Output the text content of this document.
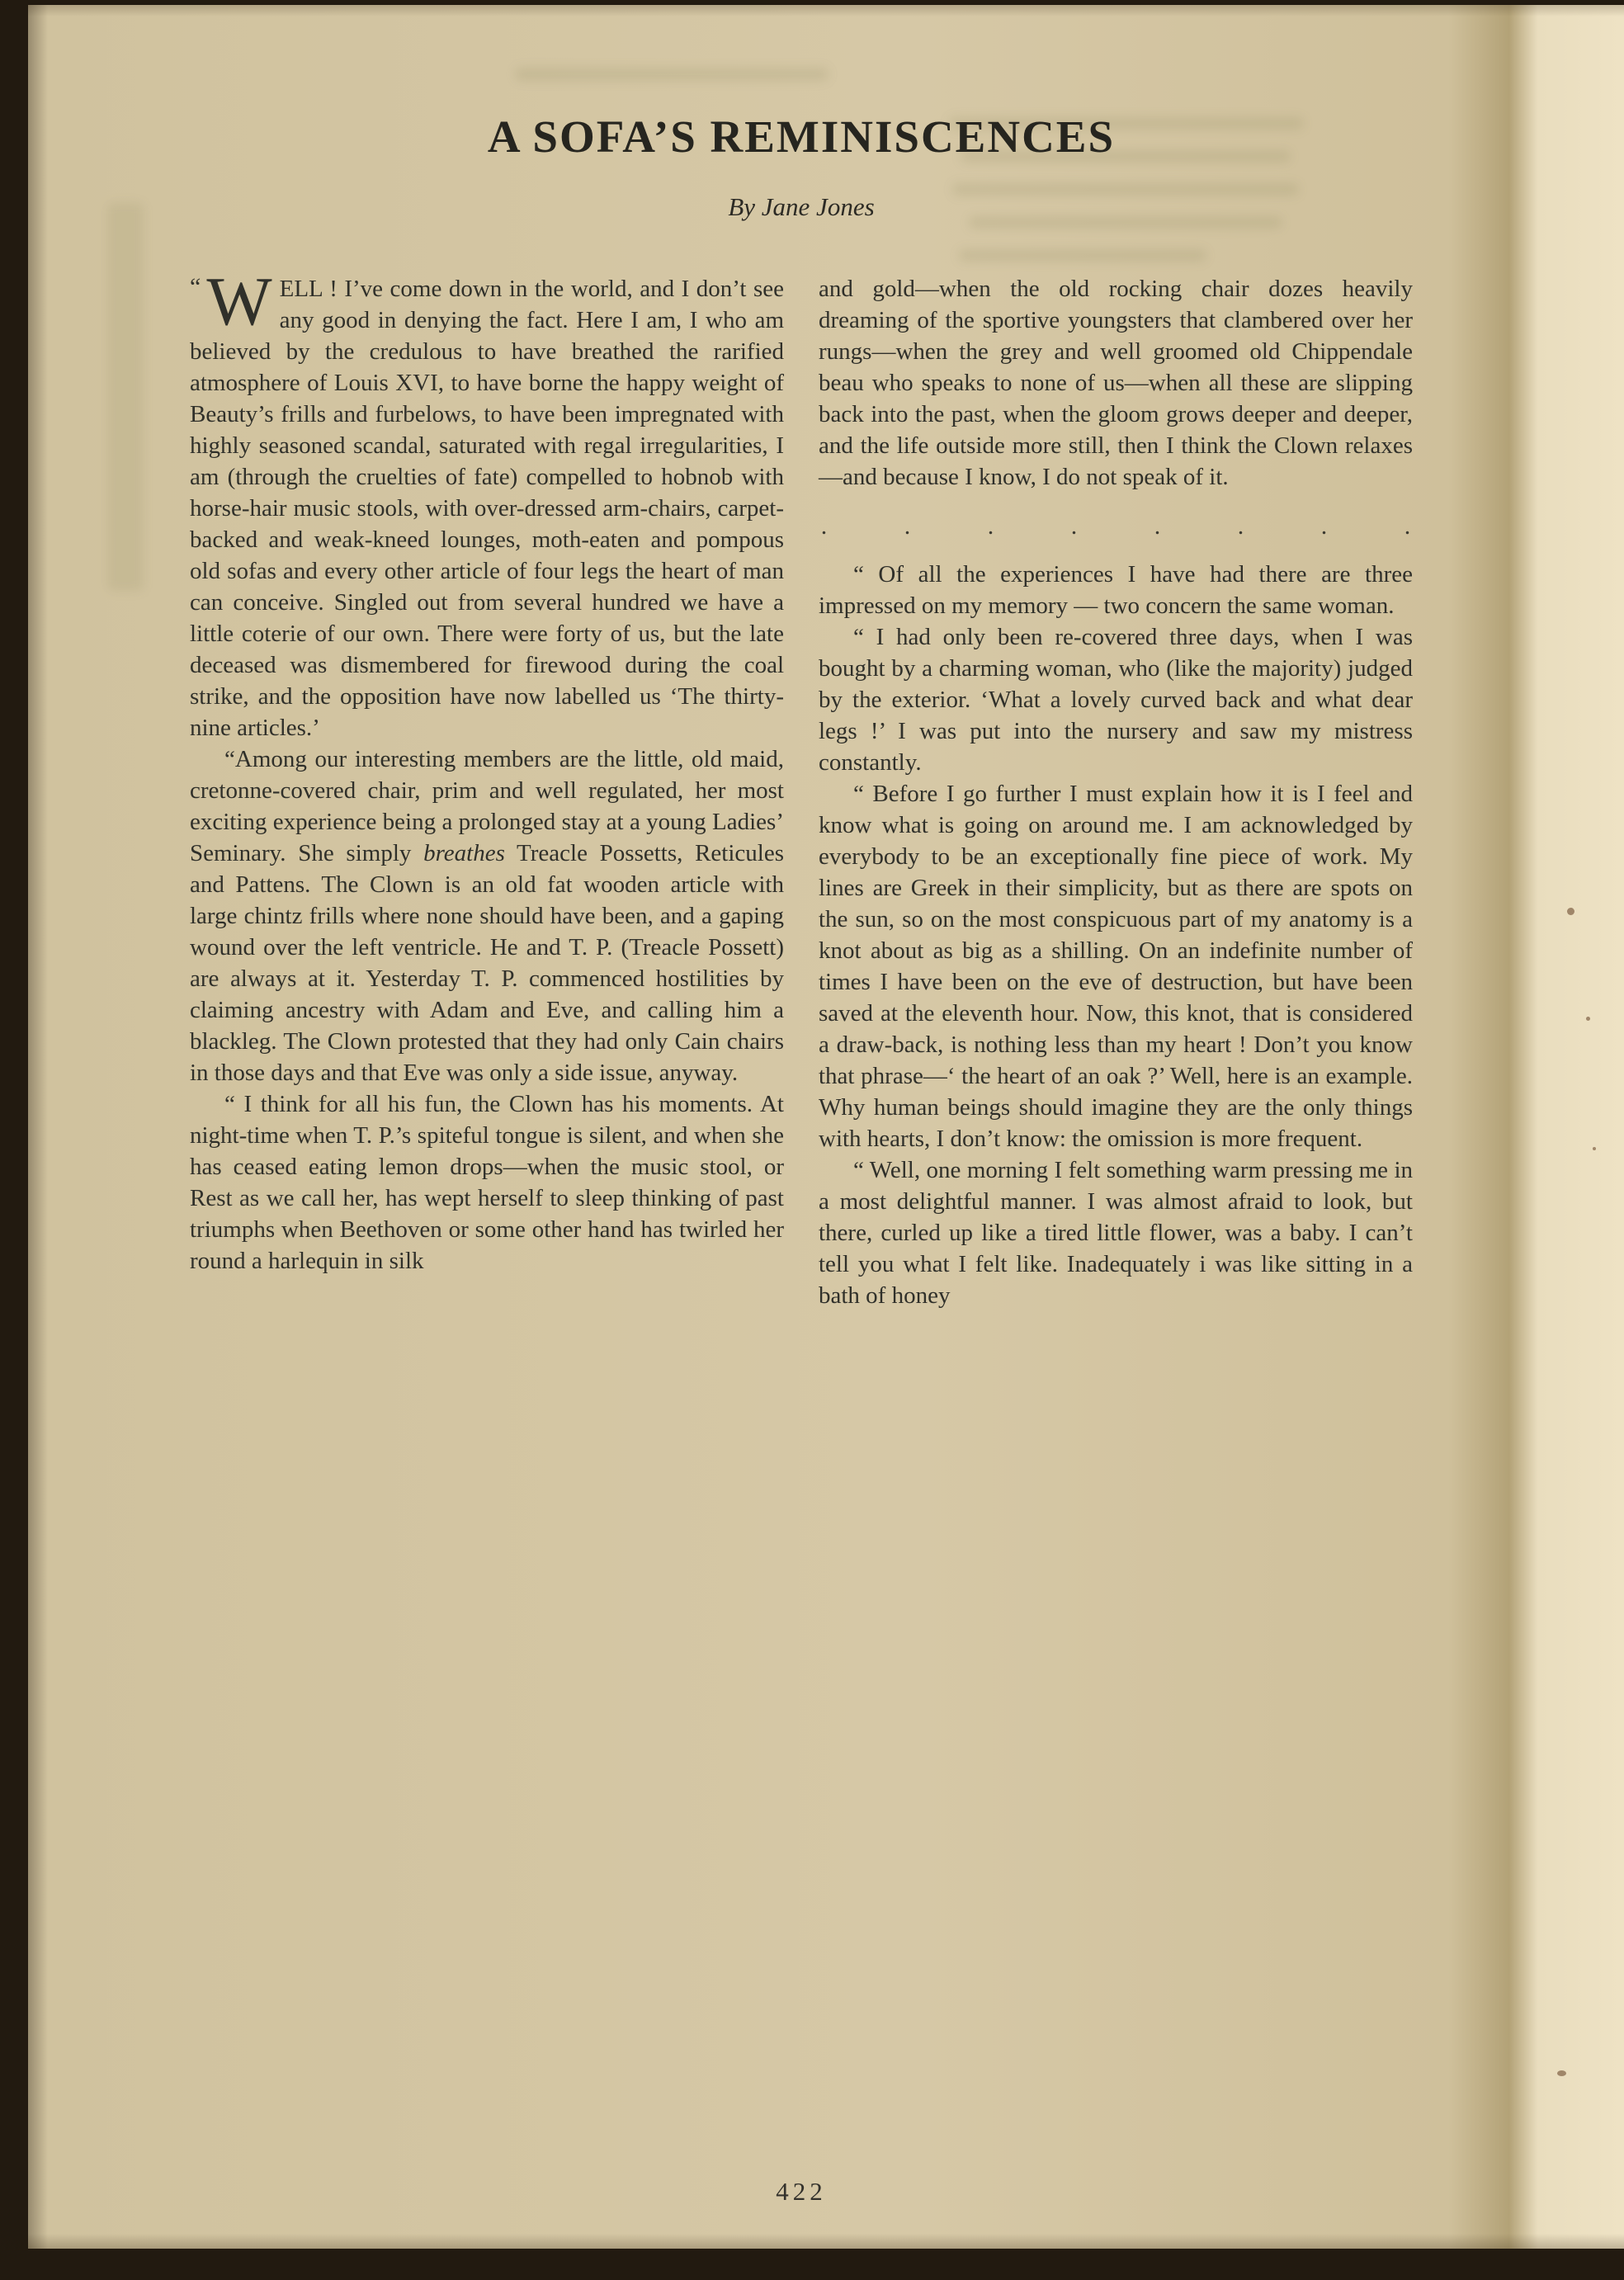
A SOFA’S REMINISCENCES
By Jane Jones

“ W ELL ! I’ve come down in the world, and I don’t see any good in denying the fact. Here I am, I who am believed by the credulous to have breathed the rarified atmosphere of Louis XVI, to have borne the happy weight of Beauty’s frills and furbelows, to have been impregnated with highly seasoned scandal, saturated with regal irregularities, I am (through the cruelties of fate) compelled to hobnob with horse-hair music stools, with over-dressed arm-chairs, carpet-backed and weak-kneed lounges, moth-eaten and pompous old sofas and every other article of four legs the heart of man can conceive. Singled out from several hundred we have a little coterie of our own. There were forty of us, but the late deceased was dismembered for firewood during the coal strike, and the opposition have now labelled us ‘The thirty-nine articles.’

“Among our interesting members are the little, old maid, cretonne-covered chair, prim and well regulated, her most exciting experience being a prolonged stay at a young Ladies’ Seminary. She simply breathes Treacle Possetts, Reticules and Pattens. The Clown is an old fat wooden article with large chintz frills where none should have been, and a gaping wound over the left ventricle. He and T. P. (Treacle Possett) are always at it. Yesterday T. P. commenced hostilities by claiming ancestry with Adam and Eve, and calling him a blackleg. The Clown protested that they had only Cain chairs in those days and that Eve was only a side issue, anyway.

“ I think for all his fun, the Clown has his moments. At night-time when T. P.’s spiteful tongue is silent, and when she has ceased eating lemon drops—when the music stool, or Rest as we call her, has wept herself to sleep thinking of past triumphs when Beethoven or some other hand has twirled her round a harlequin in silk

and gold—when the old rocking chair dozes heavily dreaming of the sportive youngsters that clambered over her rungs—when the grey and well groomed old Chippendale beau who speaks to none of us—when all these are slipping back into the past, when the gloom grows deeper and deeper, and the life outside more still, then I think the Clown relaxes—and because I know, I do not speak of it.

. . . . . . . .

“ Of all the experiences I have had there are three impressed on my memory — two concern the same woman.

“ I had only been re-covered three days, when I was bought by a charming woman, who (like the majority) judged by the exterior. ‘What a lovely curved back and what dear legs !’ I was put into the nursery and saw my mistress constantly.

“ Before I go further I must explain how it is I feel and know what is going on around me. I am acknowledged by everybody to be an exceptionally fine piece of work. My lines are Greek in their simplicity, but as there are spots on the sun, so on the most conspicuous part of my anatomy is a knot about as big as a shilling. On an indefinite number of times I have been on the eve of destruction, but have been saved at the eleventh hour. Now, this knot, that is considered a draw-back, is nothing less than my heart ! Don’t you know that phrase—‘ the heart of an oak ?’ Well, here is an example. Why human beings should imagine they are the only things with hearts, I don’t know: the omission is more frequent.

“ Well, one morning I felt something warm pressing me in a most delightful manner. I was almost afraid to look, but there, curled up like a tired little flower, was a baby. I can’t tell you what I felt like. Inadequately i was like sitting in a bath of honey

422
